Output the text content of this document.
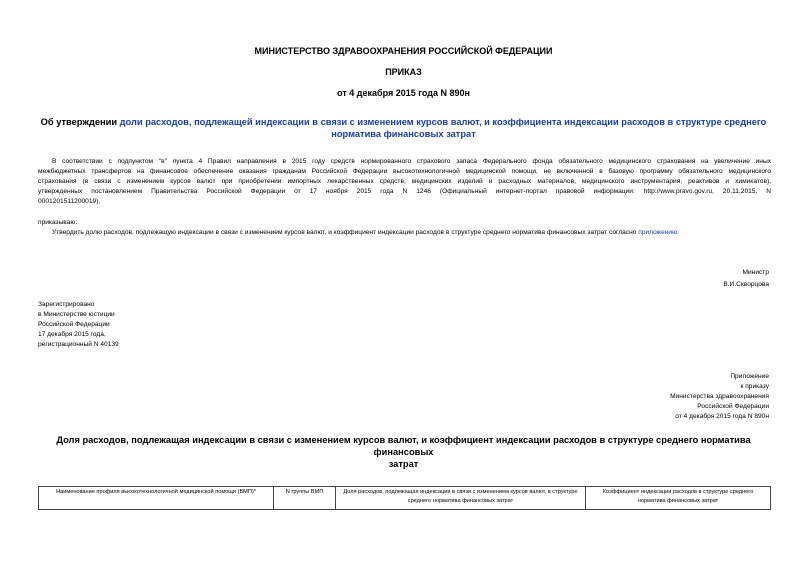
МИНИСТЕРСТВО ЗДРАВООХРАНЕНИЯ РОССИЙСКОЙ ФЕДЕРАЦИИ
ПРИКАЗ
от 4 декабря 2015 года N 890н
Об утверждении доли расходов, подлежащей индексации в связи с изменением курсов валют, и коэффициента индексации расходов в структуре среднего
норматива финансовых затрат
В соответствии с подпунктом "в" пункта 4 Правил направления в 2015 году средств нормированного страхового запаса Федерального фонда обязательного медицинского страхования на увеличение иных
межбюджетных трансфертов на финансовое обеспечение оказания гражданам Российской Федерации высокотехнологичной медицинской помощи, не включенной в базовую программу обязательного медицинского
страхования (в связи с изменением курсов валют при приобретении импортных лекарственных средств, медицинских изделий и расходных материалов, медицинского инструментария, реактивов и химикатов),
утвержденных постановлением Правительства Российской Федерации от 17 ноября 2015 года N 1246 (Официальный интернет-портал правовой информации: http://www.pravo.gov.ru, 20.11.2015, N
0001201511200019),
приказываю:
Утвердить долю расходов, подлежащую индексации в связи с изменением курсов валют, и коэффициент индексации расходов в структуре среднего норматива финансовых затрат согласно приложению.
Министр
В.И.Скворцова
Зарегистрировано
в Министерстве юстиции
Российской Федерации
17 декабря 2015 года,
регистрационный N 40139
Приложение
к приказу
Министерства здравоохранения
Российской Федерации
от 4 декабря 2015 года N 890н
Доля расходов, подлежащая индексации в связи с изменением курсов валют, и коэффициент индексации расходов в структуре среднего норматива финансовых
затрат
Наименование профиля высокотехнологичной медицинской помощи (ВМП)*	N группы ВМП	Доля расходов, подлежащая индексации в связи с изменением курсов валют, в структуре среднего норматива финансовых затрат	Коэффициент индексации расходов в структуре среднего норматива финансовых затрат
